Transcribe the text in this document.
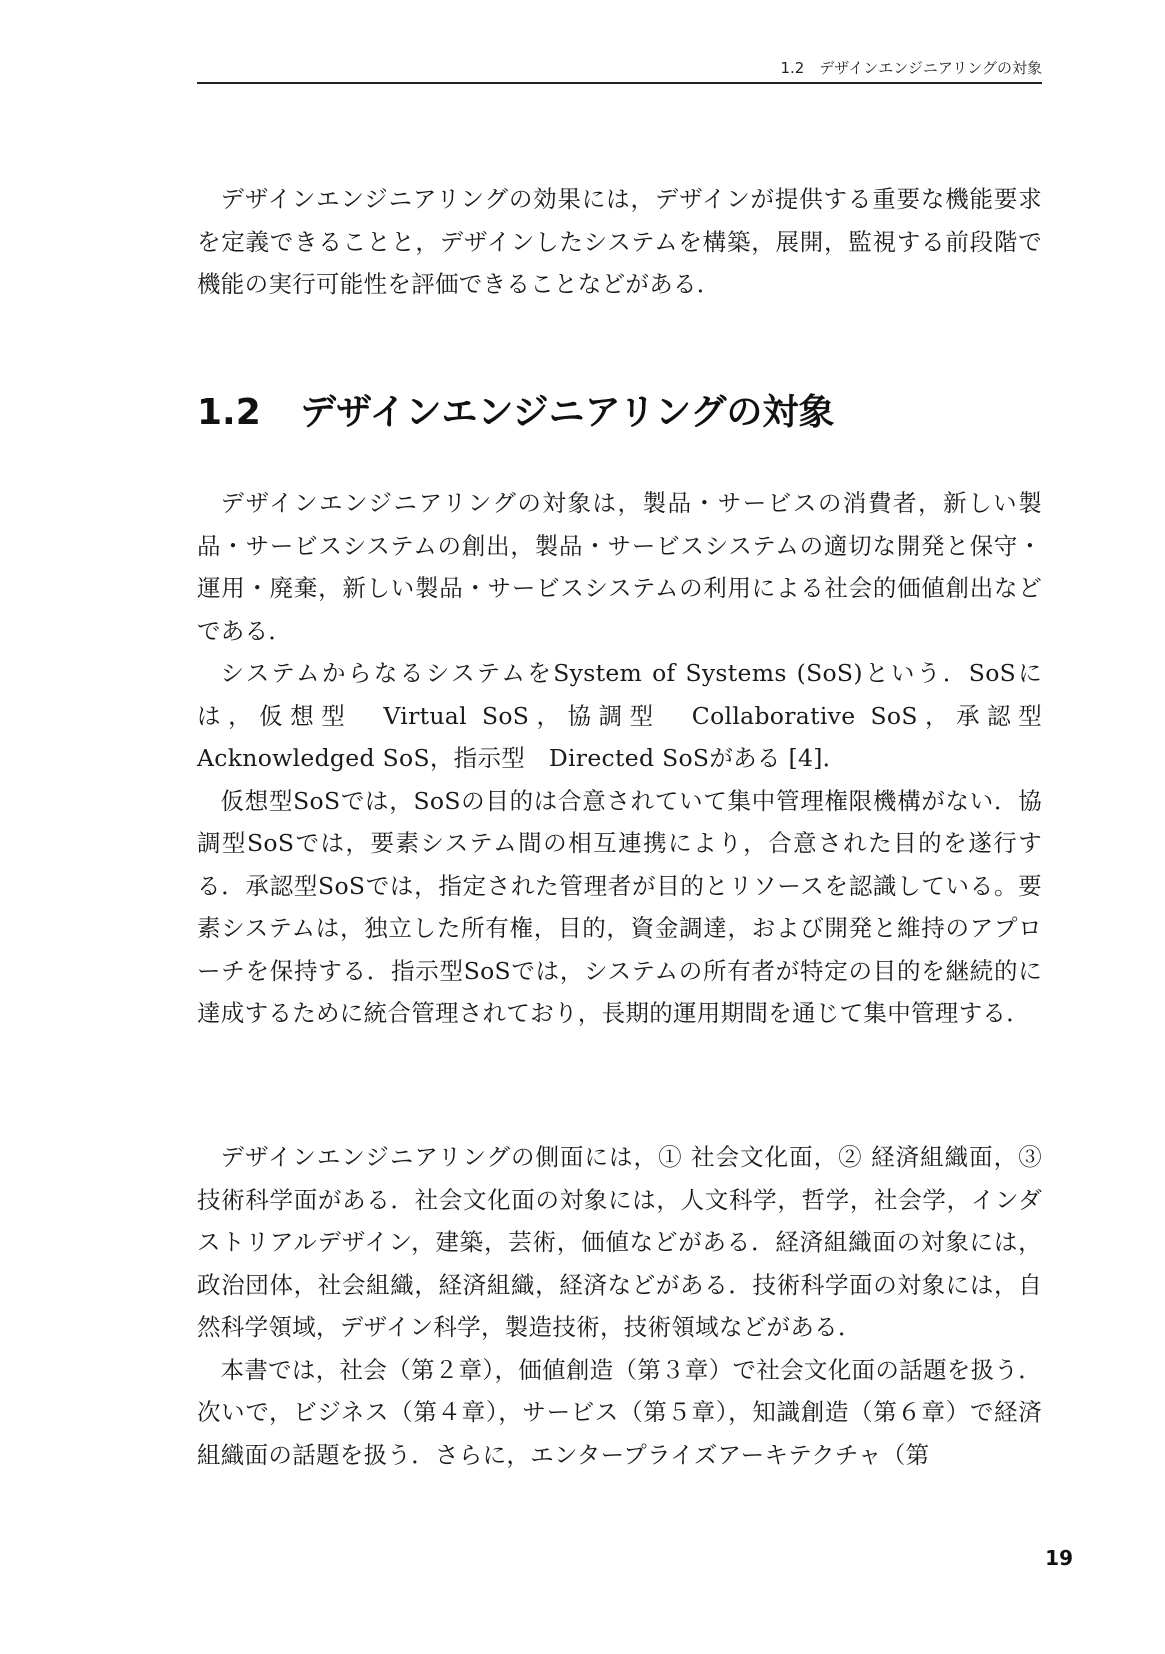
1.2　デザインエンジニアリングの対象

デザインエンジニアリングの効果には，デザインが提供する重要な機能要求を定義できることと，デザインしたシステムを構築，展開，監視する前段階で機能の実行可能性を評価できることなどがある．

1.2 デザインエンジニアリングの対象

デザインエンジニアリングの対象は，製品・サービスの消費者，新しい製品・サービスシステムの創出，製品・サービスシステムの適切な開発と保守・運用・廃棄，新しい製品・サービスシステムの利用による社会的価値創出などである．

システムからなるシステムをSystem of Systems (SoS)という．SoSには，仮想型　Virtual SoS，協調型　Collaborative SoS，承認型　Acknowledged SoS，指示型　Directed SoSがある [4]．

仮想型SoSでは，SoSの目的は合意されていて集中管理権限機構がない．協調型SoSでは，要素システム間の相互連携により，合意された目的を遂行する．承認型SoSでは，指定された管理者が目的とリソースを認識している。要素システムは，独立した所有権，目的，資金調達，および開発と維持のアプローチを保持する．指示型SoSでは，システムの所有者が特定の目的を継続的に達成するために統合管理されており，長期的運用期間を通じて集中管理する．

デザインエンジニアリングの側面には，① 社会文化面，② 経済組織面，③ 技術科学面がある．社会文化面の対象には，人文科学，哲学，社会学，インダストリアルデザイン，建築，芸術，価値などがある．経済組織面の対象には，政治団体，社会組織，経済組織，経済などがある．技術科学面の対象には，自然科学領域，デザイン科学，製造技術，技術領域などがある．

本書では，社会（第２章），価値創造（第３章）で社会文化面の話題を扱う．次いで，ビジネス（第４章），サービス（第５章），知識創造（第６章）で経済組織面の話題を扱う．さらに，エンタープライズアーキテクチャ（第

19
